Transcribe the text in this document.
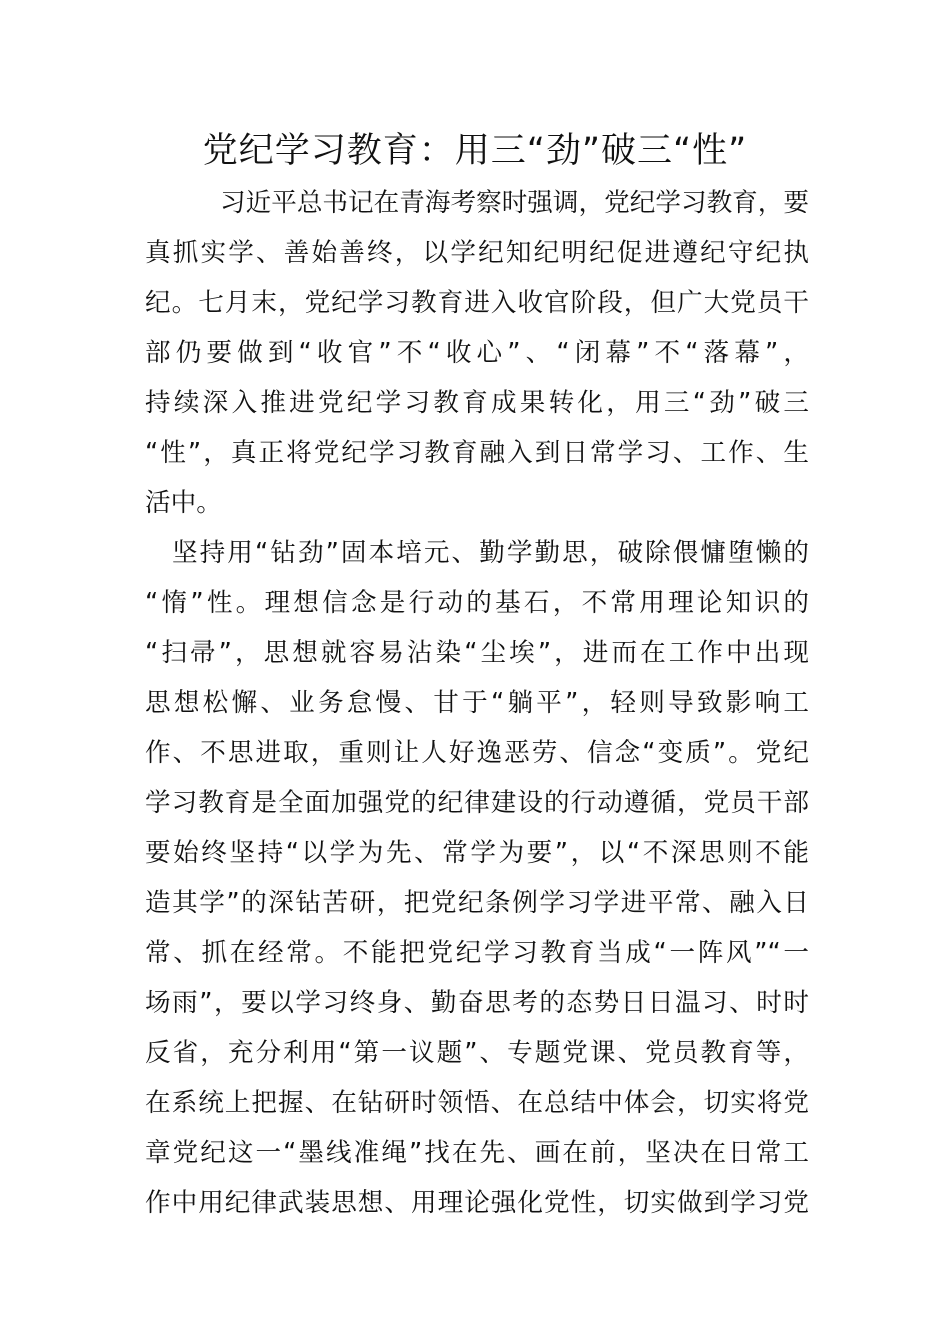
党纪学习教育：用三“劲”破三“性”
习近平总书记在青海考察时强调，党纪学习教育，要
真抓实学、善始善终，以学纪知纪明纪促进遵纪守纪执
纪。七月末，党纪学习教育进入收官阶段，但广大党员干
部仍要做到“收官”不“收心”、“闭幕”不“落幕”，
持续深入推进党纪学习教育成果转化，用三“劲”破三
“性”，真正将党纪学习教育融入到日常学习、工作、生
活中。
坚持用“钻劲”固本培元、勤学勤思，破除偎慵堕懒的
“惰”性。理想信念是行动的基石，不常用理论知识的
“扫帚”，思想就容易沾染“尘埃”，进而在工作中出现
思想松懈、业务怠慢、甘于“躺平”，轻则导致影响工
作、不思进取，重则让人好逸恶劳、信念“变质”。党纪
学习教育是全面加强党的纪律建设的行动遵循，党员干部
要始终坚持“以学为先、常学为要”，以“不深思则不能
造其学”的深钻苦研，把党纪条例学习学进平常、融入日
常、抓在经常。不能把党纪学习教育当成“一阵风”“一
场雨”，要以学习终身、勤奋思考的态势日日温习、时时
反省，充分利用“第一议题”、专题党课、党员教育等，
在系统上把握、在钻研时领悟、在总结中体会，切实将党
章党纪这一“墨线准绳”找在先、画在前，坚决在日常工
作中用纪律武装思想、用理论强化党性，切实做到学习党
